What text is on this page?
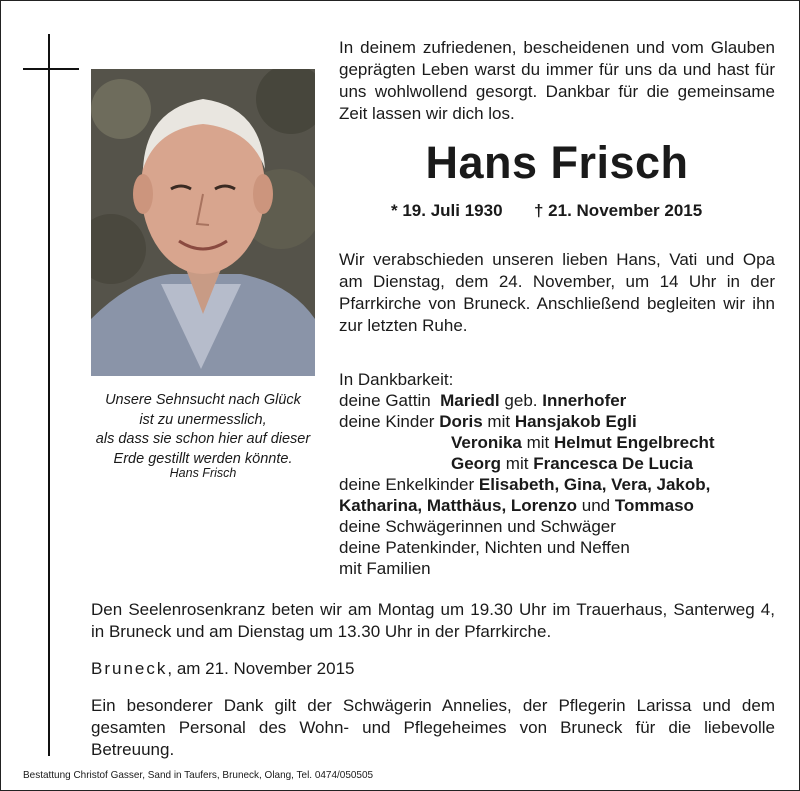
Unsere Sehnsucht nach Glück
ist zu unermesslich,
als dass sie schon hier auf dieser
Erde gestillt werden könnte.
Hans Frisch
In deinem zufriedenen, bescheidenen und vom Glauben geprägten Leben warst du immer für uns da und hast für uns wohlwollend gesorgt. Dankbar für die gemeinsame Zeit lassen wir dich los.
Hans Frisch
* 19. Juli 1930 † 21. November 2015
Wir verabschieden unseren lieben Hans, Vati und Opa am Dienstag, dem 24. November, um 14 Uhr in der Pfarrkirche von Bruneck. Anschließend begleiten wir ihn zur letzten Ruhe.
In Dankbarkeit:
deine Gattin Mariedl geb. Innerhofer
deine Kinder Doris mit Hansjakob Egli
Veronika mit Helmut Engelbrecht
Georg mit Francesca De Lucia
deine Enkelkinder Elisabeth, Gina, Vera, Jakob,
Katharina, Matthäus, Lorenzo und Tommaso
deine Schwägerinnen und Schwäger
deine Patenkinder, Nichten und Neffen
mit Familien
Den Seelenrosenkranz beten wir am Montag um 19.30 Uhr im Trauerhaus, Santerweg 4, in Bruneck und am Dienstag um 13.30 Uhr in der Pfarrkirche.
Bruneck, am 21. November 2015
Ein besonderer Dank gilt der Schwägerin Annelies, der Pflegerin Larissa und dem gesamten Personal des Wohn- und Pflegeheimes von Bruneck für die liebevolle Betreuung.
Bestattung Christof Gasser, Sand in Taufers, Bruneck, Olang, Tel. 0474/050505
